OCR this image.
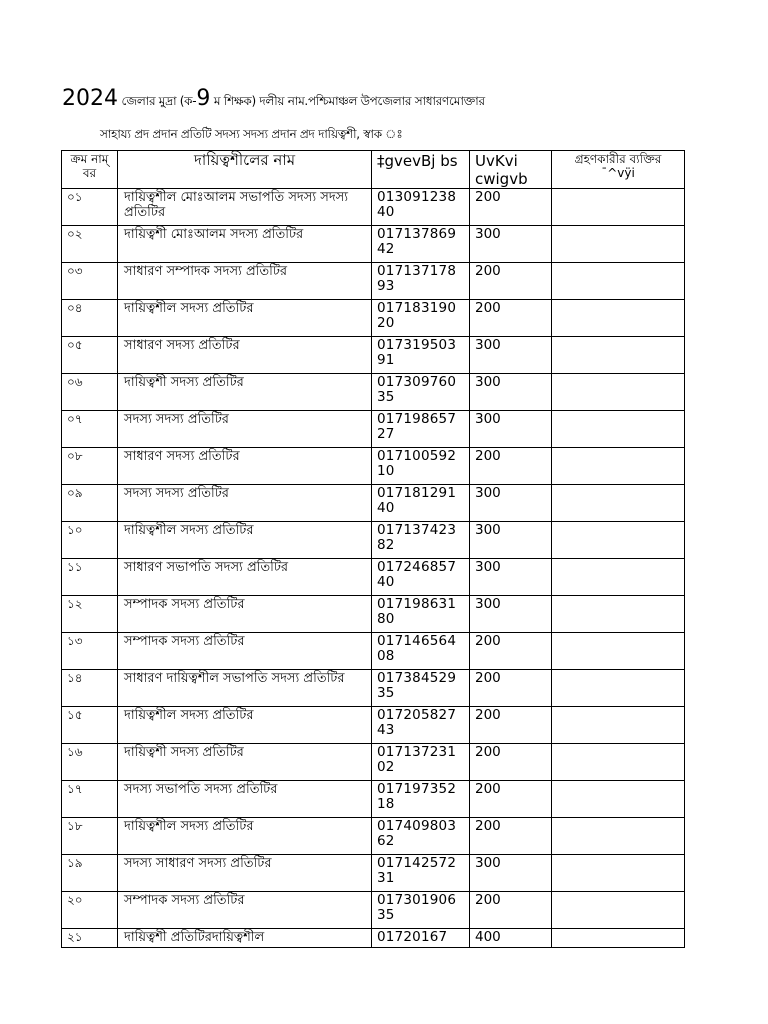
2024 জেলার মুদ্রা (ক-9 ম শিক্ষক) দলীয় নাম.পশ্চিমাঞ্চল উপজেলার সাধারণমোক্তার
সাহায্য প্রদ প্রদান প্রতিটি সদস্য সদস্য প্রদান প্রদ দায়িত্বশী, স্বাক ঃ
ক্রম নাম্ বর	দায়িত্বশীলের নাম	‡gvevBj bs	UvKvi cwigvb	গ্রহণকারীর ব্যক্তির ¯^vÿi
০১	দায়িত্বশীল মোঃআলম সভাপতি সদস্য সদস্য প্রতিটির	01309123840	200	
০২	দায়িত্বশী মোঃআলম সদস্য প্রতিটির	01713786942	300	
০৩	সাধারণ সম্পাদক সদস্য প্রতিটির	01713717893	200	
০৪	দায়িত্বশীল সদস্য প্রতিটির	01718319020	200	
০৫	সাধারণ সদস্য প্রতিটির	01731950391	300	
০৬	দায়িত্বশী সদস্য প্রতিটির	01730976035	300	
০৭	সদস্য সদস্য প্রতিটির	01719865727	300	
০৮	সাধারণ সদস্য প্রতিটির	01710059210	200	
০৯	সদস্য সদস্য প্রতিটির	01718129140	300	
১০	দায়িত্বশীল সদস্য প্রতিটির	01713742382	300	
১১	সাধারণ সভাপতি সদস্য প্রতিটির	01724685740	300	
১২	সম্পাদক সদস্য প্রতিটির	01719863180	300	
১৩	সম্পাদক সদস্য প্রতিটির	01714656408	200	
১৪	সাধারণ দায়িত্বশীল সভাপতি সদস্য প্রতিটির	01738452935	200	
১৫	দায়িত্বশীল সদস্য প্রতিটির	01720582743	200	
১৬	দায়িত্বশী সদস্য প্রতিটির	01713723102	200	
১৭	সদস্য সভাপতি সদস্য প্রতিটির	01719735218	200	
১৮	দায়িত্বশীল সদস্য প্রতিটির	01740980362	200	
১৯	সদস্য সাধারণ সদস্য প্রতিটির	01714257231	300	
২০	সম্পাদক সদস্য প্রতিটির	01730190635	200	
২১	দায়িত্বশী প্রতিটিরদায়িত্বশীল	01720167	400	
